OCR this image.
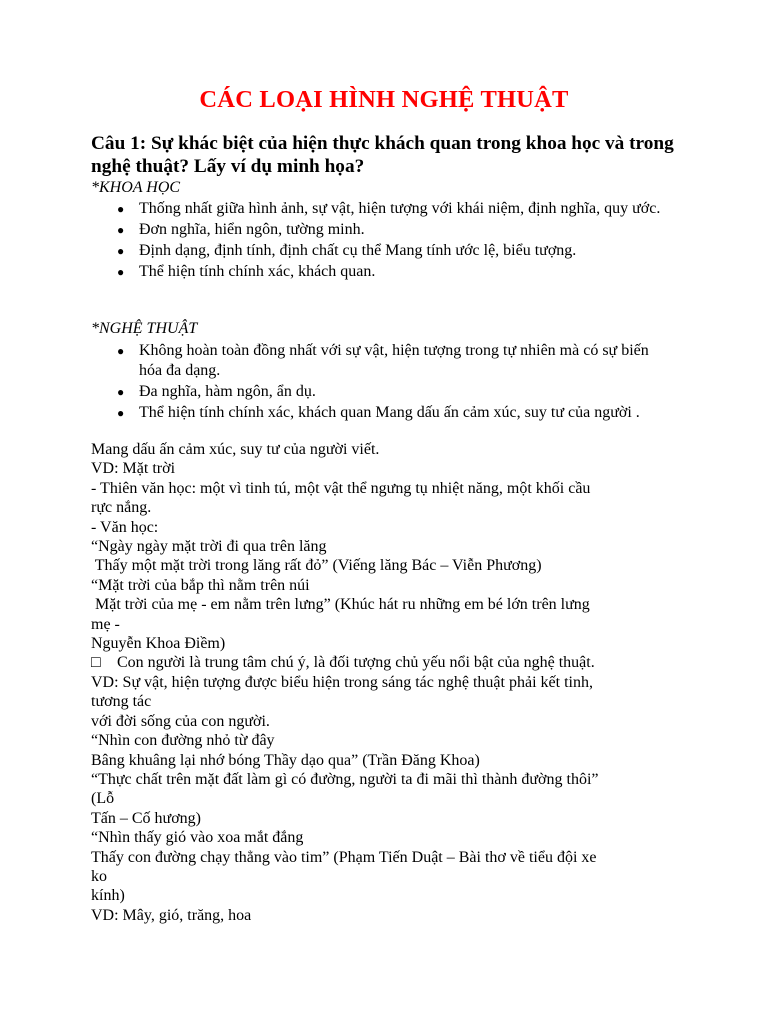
CÁC LOẠI HÌNH NGHỆ THUẬT
Câu 1: Sự khác biệt của hiện thực khách quan trong khoa học và trong nghệ thuật? Lấy ví dụ minh họa?
*KHOA HỌC
● Thống nhất giữa hình ảnh, sự vật, hiện tượng với khái niệm, định nghĩa, quy ước.
● Đơn nghĩa, hiển ngôn, tường minh.
● Định dạng, định tính, định chất cụ thể Mang tính ước lệ, biểu tượng.
● Thể hiện tính chính xác, khách quan.
*NGHỆ THUẬT
● Không hoàn toàn đồng nhất với sự vật, hiện tượng trong tự nhiên mà có sự biến hóa đa dạng.
● Đa nghĩa, hàm ngôn, ẩn dụ.
● Thể hiện tính chính xác, khách quan Mang dấu ấn cảm xúc, suy tư của người .
Mang dấu ấn cảm xúc, suy tư của người viết.
VD: Mặt trời
- Thiên văn học: một vì tinh tú, một vật thể ngưng tụ nhiệt năng, một khối cầu
rực nắng.
- Văn học:
“Ngày ngày mặt trời đi qua trên lăng
Thấy một mặt trời trong lăng rất đỏ” (Viếng lăng Bác – Viễn Phương)
“Mặt trời của bắp thì nằm trên núi
Mặt trời của mẹ - em nằm trên lưng” (Khúc hát ru những em bé lớn trên lưng
mẹ -
Nguyễn Khoa Điềm)
□ Con người là trung tâm chú ý, là đối tượng chủ yếu nổi bật của nghệ thuật.
VD: Sự vật, hiện tượng được biểu hiện trong sáng tác nghệ thuật phải kết tinh,
tương tác
với đời sống của con người.
“Nhìn con đường nhỏ từ đây
Bâng khuâng lại nhớ bóng Thầy dạo qua” (Trần Đăng Khoa)
“Thực chất trên mặt đất làm gì có đường, người ta đi mãi thì thành đường thôi”
(Lỗ
Tấn – Cố hương)
“Nhìn thấy gió vào xoa mắt đắng
Thấy con đường chạy thẳng vào tim” (Phạm Tiến Duật – Bài thơ về tiểu đội xe
ko
kính)
VD: Mây, gió, trăng, hoa
